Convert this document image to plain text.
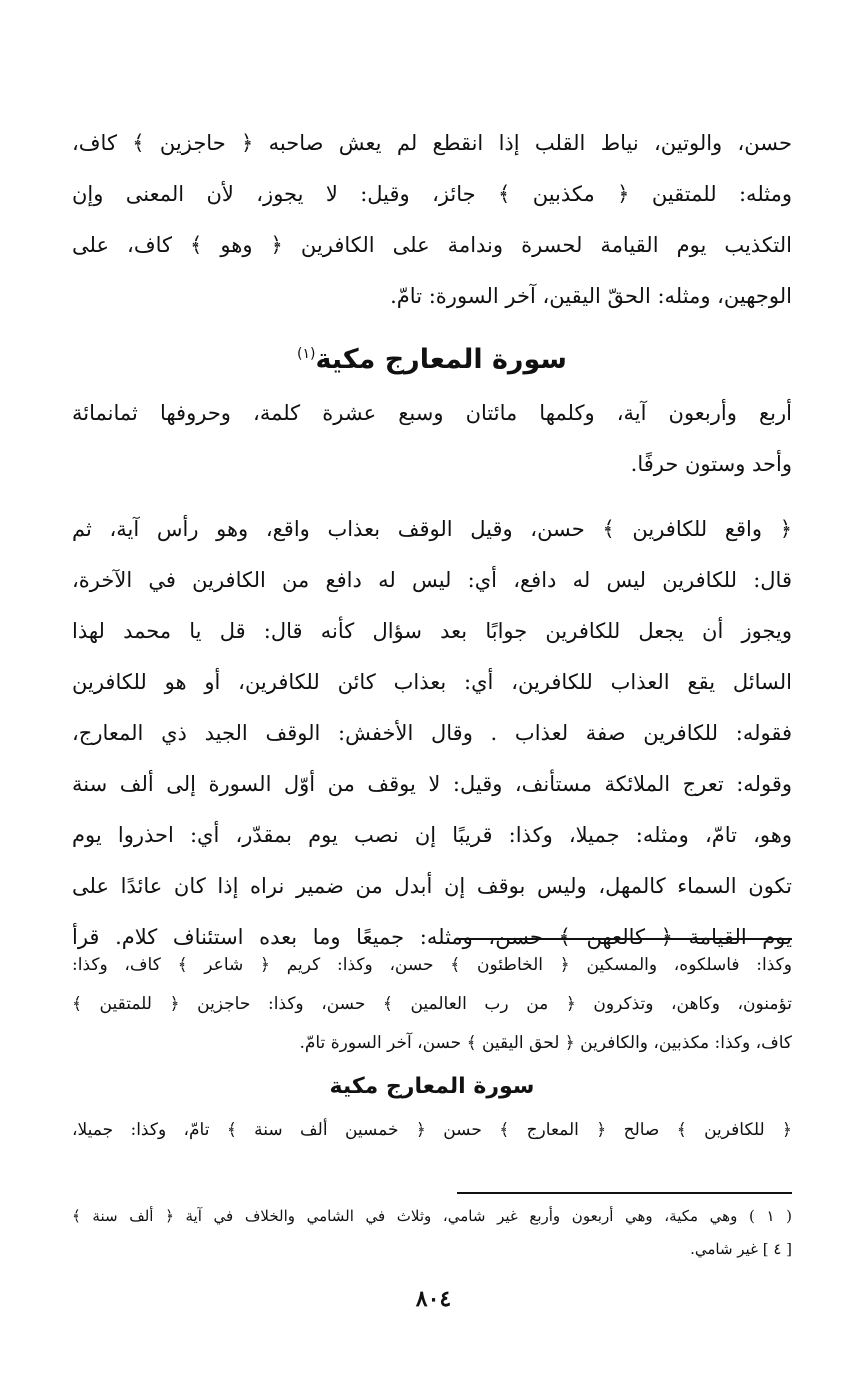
حسن، والوتين، نياط القلب إذا انقطع لم يعش صاحبه ﴿ حاجزين ﴾ كاف،
ومثله: للمتقين ﴿ مكذبين ﴾ جائز، وقيل: لا يجوز، لأن المعنى وإن
التكذيب يوم القيامة لحسرة وندامة على الكافرين ﴿ وهو ﴾ كاف، على
الوجهين، ومثله: الحقّ اليقين، آخر السورة: تامّ.
سورة المعارج مكية$^{(١)}$
أربع وأربعون آية، وكلمها مائتان وسبع عشرة كلمة، وحروفها ثمانمائة
وأحد وستون حرفًا.
﴿ واقع للكافرين ﴾ حسن، وقيل الوقف بعذاب واقع، وهو رأس آية، ثم
قال: للكافرين ليس له دافع، أي: ليس له دافع من الكافرين في الآخرة،
ويجوز أن يجعل للكافرين جوابًا بعد سؤال كأنه قال: قل يا محمد لهذا
السائل يقع العذاب للكافرين، أي: بعذاب كائن للكافرين، أو هو للكافرين
فقوله: للكافرين صفة لعذاب . وقال الأخفش: الوقف الجيد ذي المعارج،
وقوله: تعرج الملائكة مستأنف، وقيل: لا يوقف من أوّل السورة إلى ألف سنة
وهو، تامّ، ومثله: جميلا، وكذا: قريبًا إن نصب يوم بمقدّر، أي: احذروا يوم
تكون السماء كالمهل، وليس بوقف إن أبدل من ضمير نراه إذا كان عائدًا على
يوم القيامة ﴿ كالعهن ﴾ حسن، ومثله: جميعًا وما بعده استئناف كلام. قرأ
وكذا: فاسلكوه، والمسكين ﴿ الخاطئون ﴾ حسن، وكذا: كريم ﴿ شاعر ﴾ كاف، وكذا:
تؤمنون، وكاهن، وتذكرون ﴿ من رب العالمين ﴾ حسن، وكذا: حاجزين ﴿ للمتقين ﴾
كاف، وكذا: مكذبين، والكافرين ﴿ لحق اليقين ﴾ حسن، آخر السورة تامّ.
سورة المعارج مكية
﴿ للكافرين ﴾ صالح ﴿ المعارج ﴾ حسن ﴿ خمسين ألف سنة ﴾ تامّ، وكذا: جميلا،
( ١ ) وهي مكية، وهي أربعون وأربع غير شامي، وثلاث في الشامي والخلاف في آية ﴿ ألف سنة ﴾
[ ٤ ] غير شامي.
٨٠٤
